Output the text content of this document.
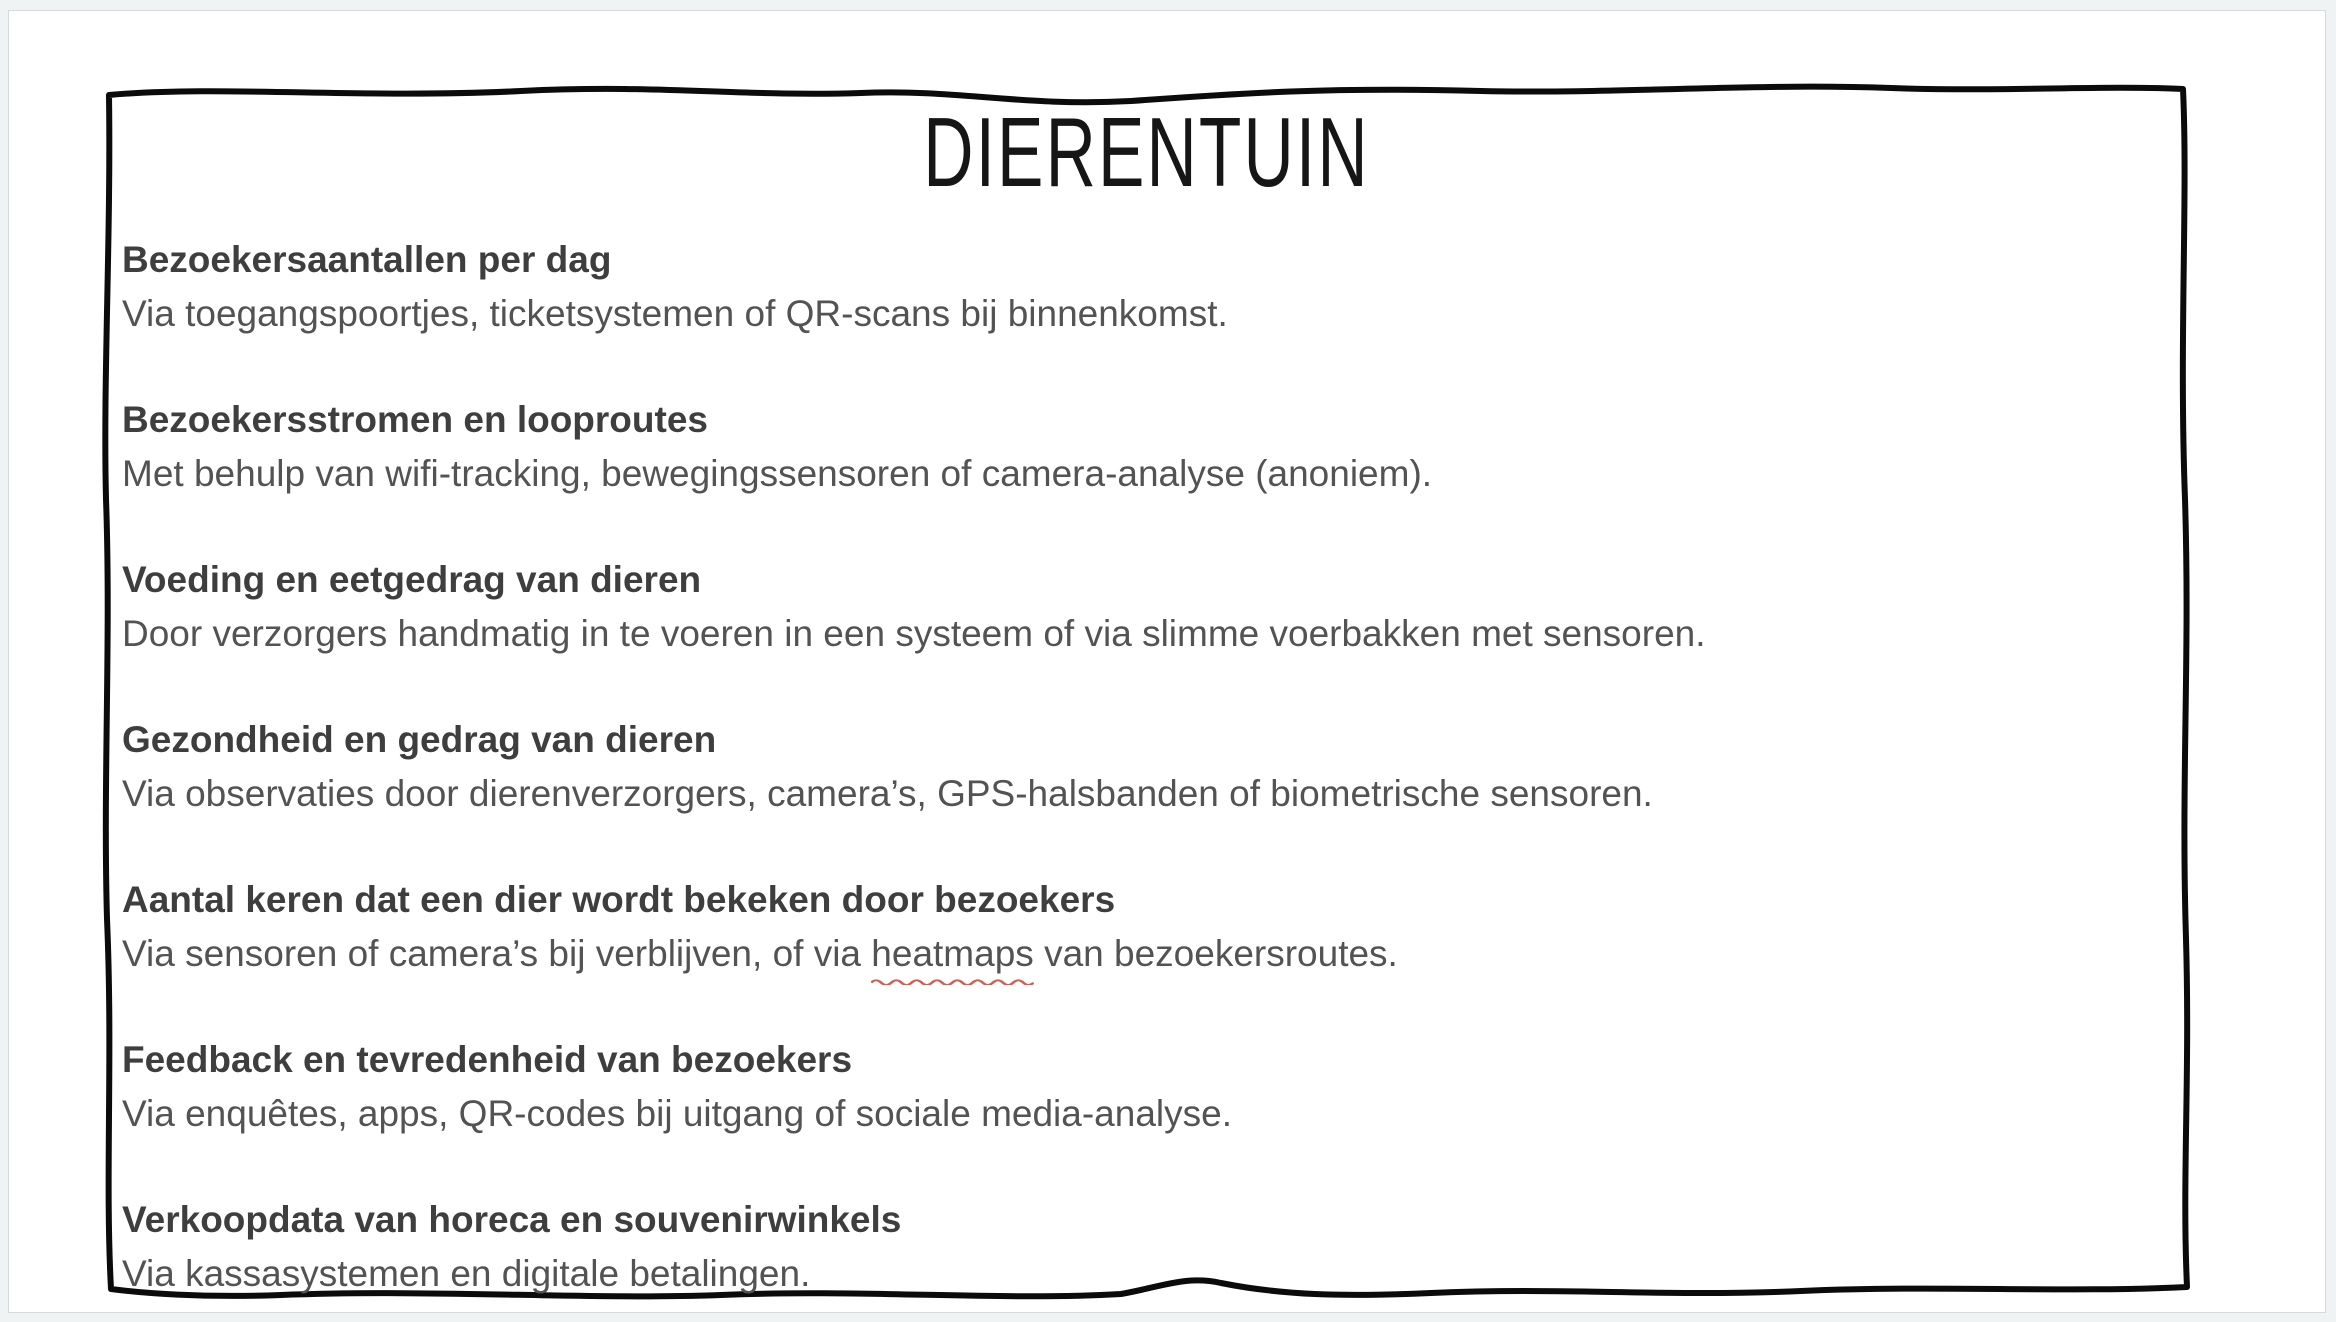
DIERENTUIN
Bezoekersaantallen per dag
Via toegangspoortjes, ticketsystemen of QR-scans bij binnenkomst.
Bezoekersstromen en looproutes
Met behulp van wifi-tracking, bewegingssensoren of camera-analyse (anoniem).
Voeding en eetgedrag van dieren
Door verzorgers handmatig in te voeren in een systeem of via slimme voerbakken met sensoren.
Gezondheid en gedrag van dieren
Via observaties door dierenverzorgers, camera’s, GPS-halsbanden of biometrische sensoren.
Aantal keren dat een dier wordt bekeken door bezoekers
Via sensoren of camera’s bij verblijven, of via heatmaps
van bezoekersroutes.
Feedback en tevredenheid van bezoekers
Via enquêtes, apps, QR-codes bij uitgang of sociale media-analyse.
Verkoopdata van horeca en souvenirwinkels
Via kassasystemen en digitale betalingen.
